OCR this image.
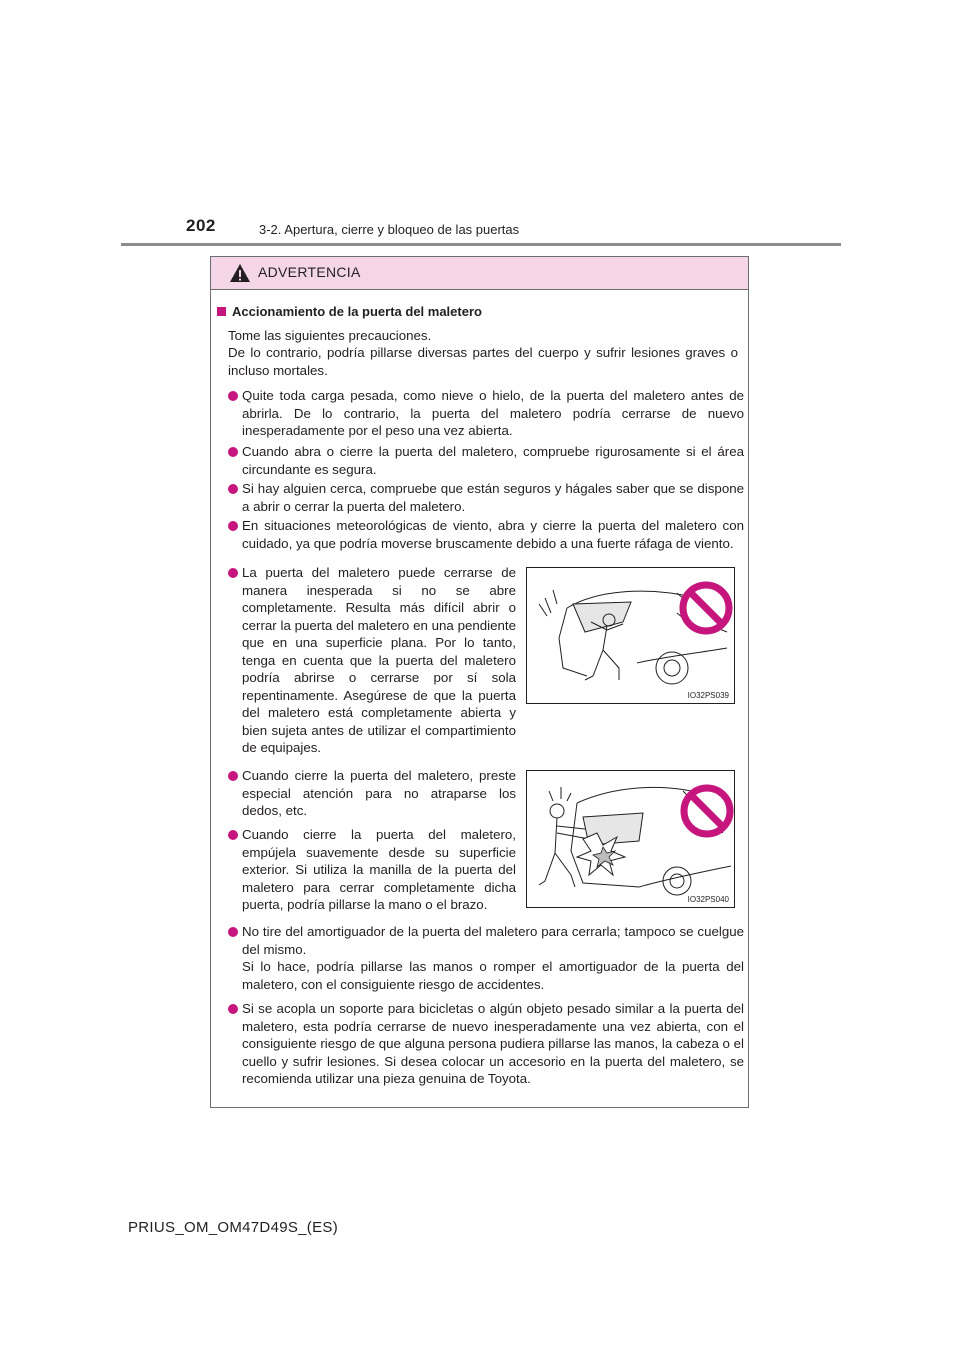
202	3-2. Apertura, cierre y bloqueo de las puertas
ADVERTENCIA
Accionamiento de la puerta del maletero
Tome las siguientes precauciones.
De lo contrario, podría pillarse diversas partes del cuerpo y sufrir lesiones graves o incluso mortales.
Quite toda carga pesada, como nieve o hielo, de la puerta del maletero antes de abrirla. De lo contrario, la puerta del maletero podría cerrarse de nuevo inesperadamente por el peso una vez abierta.
Cuando abra o cierre la puerta del maletero, compruebe rigurosamente si el área circundante es segura.
Si hay alguien cerca, compruebe que están seguros y hágales saber que se dispone a abrir o cerrar la puerta del maletero.
En situaciones meteorológicas de viento, abra y cierre la puerta del maletero con cuidado, ya que podría moverse bruscamente debido a una fuerte ráfaga de viento.
La puerta del maletero puede cerrarse de manera inesperada si no se abre completamente. Resulta más difícil abrir o cerrar la puerta del maletero en una pendiente que en una superficie plana. Por lo tanto, tenga en cuenta que la puerta del maletero podría abrirse o cerrarse por sí sola repentinamente. Asegúrese de que la puerta del maletero está completamente abierta y bien sujeta antes de utilizar el compartimiento de equipajes.
IO32PS039
Cuando cierre la puerta del maletero, preste especial atención para no atraparse los dedos, etc.
Cuando cierre la puerta del maletero, empújela suavemente desde su superficie exterior. Si utiliza la manilla de la puerta del maletero para cerrar completamente dicha puerta, podría pillarse la mano o el brazo.	IO32PS040
No tire del amortiguador de la puerta del maletero para cerrarla; tampoco se cuelgue del mismo.
Si lo hace, podría pillarse las manos o romper el amortiguador de la puerta del maletero, con el consiguiente riesgo de accidentes.
Si se acopla un soporte para bicicletas o algún objeto pesado similar a la puerta del maletero, esta podría cerrarse de nuevo inesperadamente una vez abierta, con el consiguiente riesgo de que alguna persona pudiera pillarse las manos, la cabeza o el cuello y sufrir lesiones. Si desea colocar un accesorio en la puerta del maletero, se recomienda utilizar una pieza genuina de Toyota.
PRIUS_OM_OM47D49S_(ES)
